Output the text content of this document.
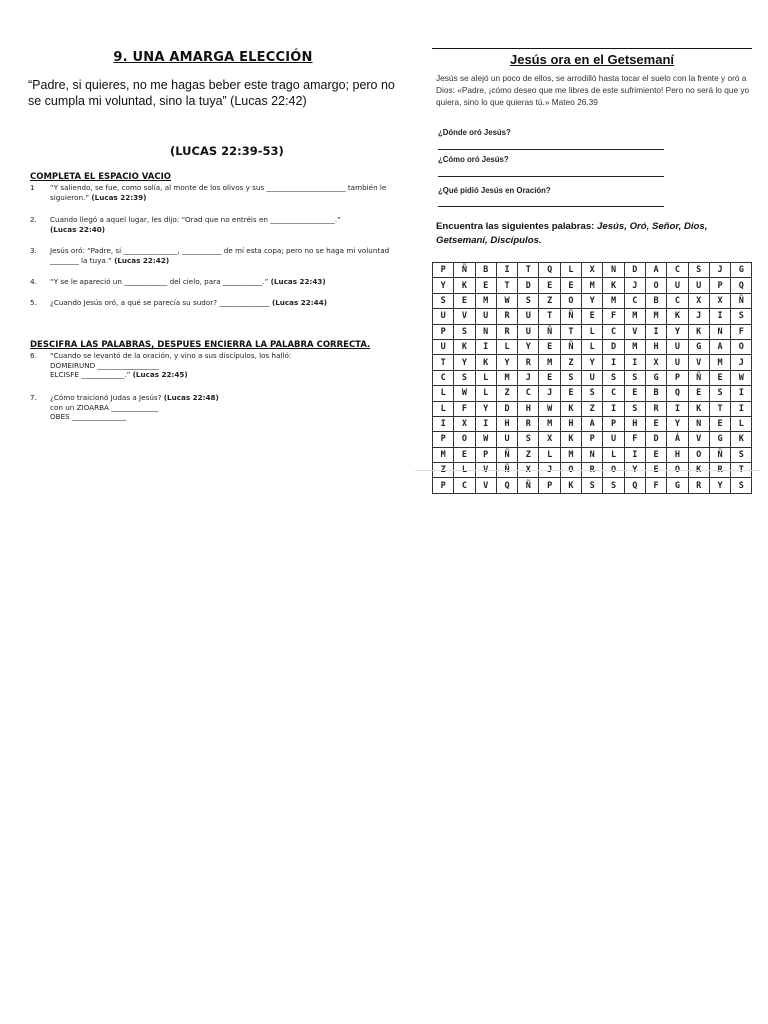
9. UNA AMARGA ELECCIÓN

“Padre, si quieres, no me hagas beber este trago amargo; pero no se cumpla mi voluntad, sino la tuya” (Lucas 22:42)

(LUCAS 22:39-53)
COMPLETA EL ESPACIO VACIO
1 “Y saliendo, se fue, como solía, al monte de los olivos y sus ______________________ también le siguieron.” (Lucas 22:39)
2. Cuando llegó a aquel lugar, les dijo: “Orad que no entréis en __________________.”
(Lucas 22:40)
3. Jesús oró: “Padre, si _______________, ___________ de mí esta copa; pero no se haga mi voluntad ________ la tuya.” (Lucas 22:42)
4. “Y se le apareció un ____________ del cielo, para ___________.” (Lucas 22:43)
5. ¿Cuando Jesús oró, a qué se parecía su sudor? ______________ (Lucas 22:44)
DESCIFRA LAS PALABRAS, DESPUES ENCIERRA LA PALABRA CORRECTA.
6. “Cuando se levantó de la oración, y vino a sus discípulos, los halló:
DOMEIRUND _________________
ELCISFE ____________.” (Lucas 22:45)
7. ¿Cómo traicionó Judas a Jesús? (Lucas 22:48)
con un ZIOARBA _____________
OBES _______________
Jesús ora en el Getsemaní
Jesús se alejó un poco de ellos, se arrodilló hasta tocar el suelo con la frente y oró a Dios: «Padre, ¡cómo deseo que me libres de este sufrimiento! Pero no será lo que yo quiera, sino lo que quieras tú.» Mateo 26.39
¿Dónde oró Jesús?
¿Cómo oró Jesús?
¿Qué pidió Jesús en Oración?
Encuentra las siguientes palabras: Jesús, Oró, Señor, Dios, Getsemaní, Discípulos.
P	Ñ	B	I	T	Q	L	X	N	D	A	C	S	J	G
Y	K	E	T	D	E	E	M	K	J	O	U	U	P	Q
S	E	M	W	S	Z	O	Y	M	C	B	C	X	X	Ñ
U	V	U	R	U	T	Ñ	E	F	M	M	K	J	I	S
P	S	N	R	U	Ñ	T	L	C	V	I	Y	K	N	F
U	K	I	L	Y	E	Ñ	L	D	M	H	U	G	A	O
T	Y	K	Y	R	M	Z	Y	I	I	X	U	V	M	J
C	S	L	M	J	E	S	U	S	S	G	P	Ñ	E	W
L	W	L	Z	C	J	E	S	C	E	B	Q	E	S	I
L	F	Y	D	H	W	K	Z	I	S	R	I	K	T	I
I	X	I	H	R	M	H	A	P	H	E	Y	N	E	L
P	O	W	U	S	X	K	P	U	F	D	Á	V	G	K
M	E	P	Ñ	Z	L	M	N	L	I	E	H	O	Ñ	S
Z	L	V	Ñ	X	J	O	R	O	Y	E	O	K	R	T
P	C	V	Q	Ñ	P	K	S	S	Q	F	G	R	Y	S
